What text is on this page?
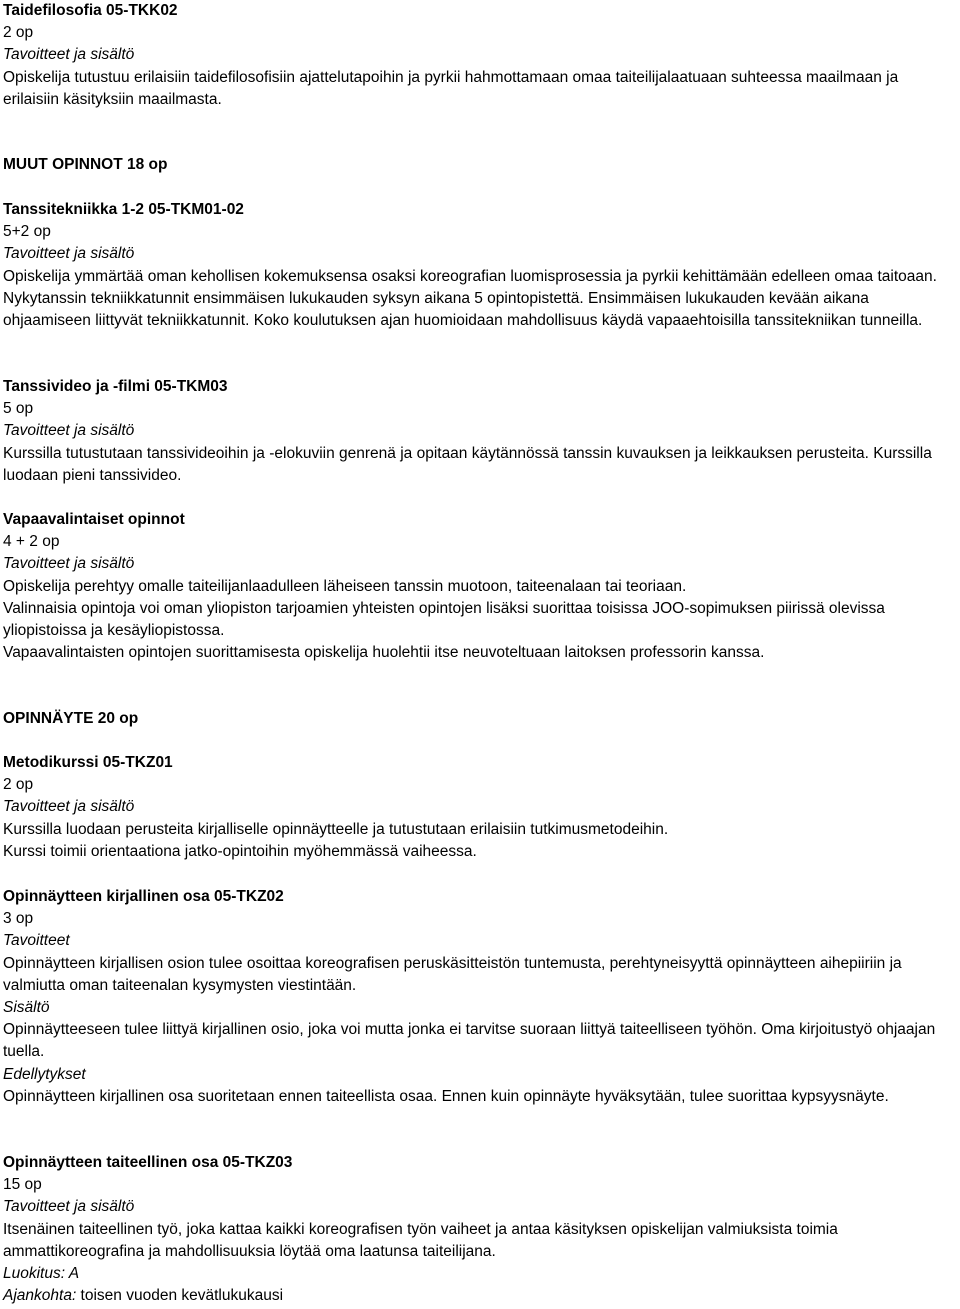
Taidefilosofia 05-TKK02
2 op
Tavoitteet ja sisältö
Opiskelija tutustuu erilaisiin taidefilosofisiin ajattelutapoihin ja pyrkii hahmottamaan omaa taiteilijalaatuaan suhteessa maailmaan ja erilaisiin käsityksiin maailmasta.
MUUT OPINNOT 18 op
Tanssitekniikka 1-2 05-TKM01-02
5+2 op
Tavoitteet ja sisältö
Opiskelija ymmärtää oman kehollisen kokemuksensa osaksi koreografian luomisprosessia ja pyrkii kehittämään edelleen omaa taitoaan. Nykytanssin tekniikkatunnit ensimmäisen lukukauden syksyn aikana 5 opintopistettä. Ensimmäisen lukukauden kevään aikana ohjaamiseen liittyvät tekniikkatunnit. Koko koulutuksen ajan huomioidaan mahdollisuus käydä vapaaehtoisilla tanssitekniikan tunneilla.
Tanssivideo ja -filmi 05-TKM03
5 op
Tavoitteet ja sisältö
Kurssilla tutustutaan tanssivideoihin ja -elokuviin genrenä ja opitaan käytännössä tanssin kuvauksen ja leikkauksen perusteita. Kurssilla luodaan pieni tanssivideo.
Vapaavalintaiset opinnot
4 + 2 op
Tavoitteet ja sisältö
Opiskelija perehtyy omalle taiteilijanlaadulleen läheiseen tanssin muotoon, taiteenalaan tai teoriaan.
Valinnaisia opintoja voi oman yliopiston tarjoamien yhteisten opintojen lisäksi suorittaa toisissa JOO-sopimuksen piirissä olevissa yliopistoissa ja kesäyliopistossa.
Vapaavalintaisten opintojen suorittamisesta opiskelija huolehtii itse neuvoteltuaan laitoksen professorin kanssa.
OPINNÄYTE 20 op
Metodikurssi 05-TKZ01
2 op
Tavoitteet ja sisältö
Kurssilla luodaan perusteita kirjalliselle opinnäytteelle ja tutustutaan erilaisiin tutkimusmetodeihin.
Kurssi toimii orientaationa jatko-opintoihin myöhemmässä vaiheessa.
Opinnäytteen kirjallinen osa 05-TKZ02
3 op
Tavoitteet
Opinnäytteen kirjallisen osion tulee osoittaa koreografisen peruskäsitteistön tuntemusta, perehtyneisyyttä opinnäytteen aihepiiriin ja valmiutta oman taiteenalan kysymysten viestintään.
Sisältö
Opinnäytteeseen tulee liittyä kirjallinen osio, joka voi mutta jonka ei tarvitse suoraan liittyä taiteelliseen työhön. Oma kirjoitustyö ohjaajan tuella.
Edellytykset
Opinnäytteen kirjallinen osa suoritetaan ennen taiteellista osaa. Ennen kuin opinnäyte hyväksytään, tulee suorittaa kypsyysnäyte.
Opinnäytteen taiteellinen osa 05-TKZ03
15 op
Tavoitteet ja sisältö
Itsenäinen taiteellinen työ, joka kattaa kaikki koreografisen työn vaiheet ja antaa käsityksen opiskelijan valmiuksista toimia ammattikoreografina ja mahdollisuuksia löytää oma laatunsa taiteilijana.
Luokitus: A
Ajankohta: toisen vuoden kevätlukukausi
